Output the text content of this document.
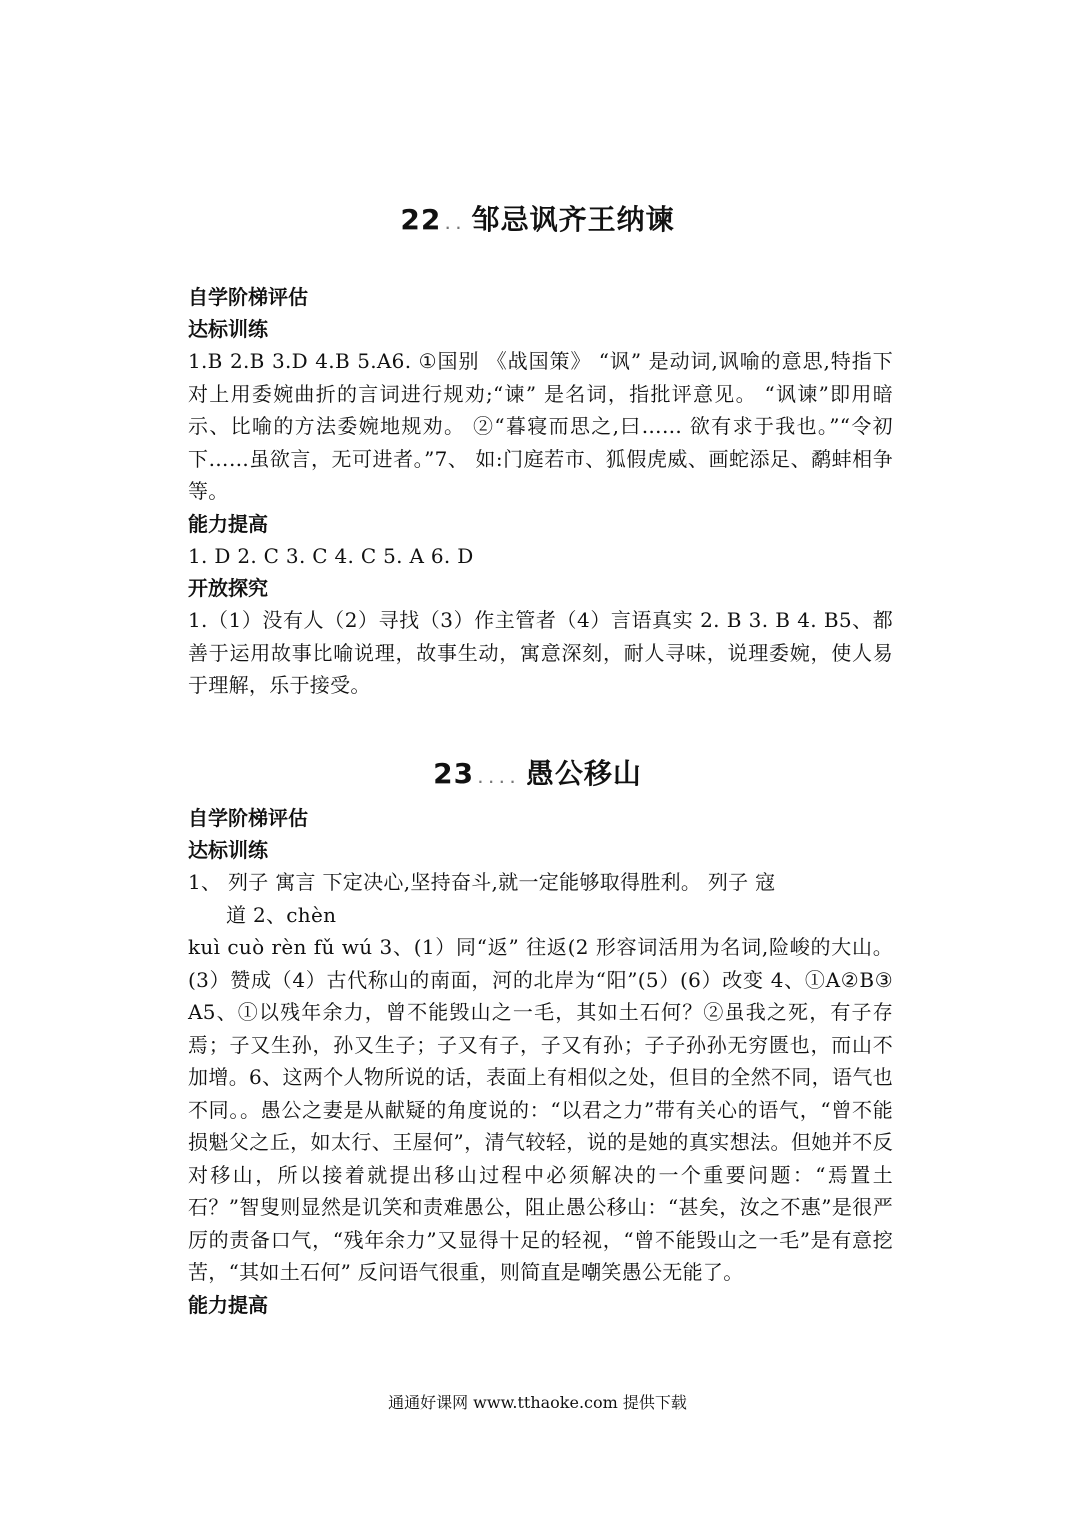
22 . . 邹忌讽齐王纳谏
自学阶梯评估
达标训练

1.B 2.B 3.D 4.B 5.A6. ①国别 《战国策》 “讽” 是动词,讽喻的意思,特指下对上用委婉曲折的言词进行规劝;“谏” 是名词，指批评意见。 “讽谏”即用暗示、比喻的方法委婉地规劝。 ②“暮寝而思之,曰…… 欲有求于我也。”“令初下……虽欲言，无可进者。”7、 如:门庭若市、狐假虎威、画蛇添足、鹬蚌相争等。

能力提高

1. D 2. C 3. C 4. C 5. A 6. D

开放探究

1.（1）没有人（2）寻找（3）作主管者（4）言语真实 2. B 3. B 4. B5、都善于运用故事比喻说理，故事生动，寓意深刻，耐人寻味，说理委婉，使人易于理解，乐于接受。

23 . . . . 愚公移山
自学阶梯评估
达标训练

1、 列子 寓言 下定决心,坚持奋斗,就一定能够取得胜利。 列子 寇

道 2、chèn

kuì cuò rèn fǔ wú 3、(1）同“返” 往返(2 形容词活用为名词,险峻的大山。(3）赞成（4）古代称山的南面，河的北岸为“阳”(5）(6）改变 4、①A②B③A5、①以残年余力，曾不能毁山之一毛，其如土石何？②虽我之死，有子存焉；子又生孙，孙又生子；子又有子，子又有孙；子子孙孙无穷匮也，而山不加增。6、这两个人物所说的话，表面上有相似之处，但目的全然不同，语气也不同。。愚公之妻是从献疑的角度说的：“以君之力”带有关心的语气，“曾不能损魁父之丘，如太行、王屋何”，清气较轻，说的是她的真实想法。但她并不反对移山，所以接着就提出移山过程中必须解决的一个重要问题：“焉置土石？”智叟则显然是讥笑和责难愚公，阻止愚公移山：“甚矣，汝之不惠”是很严厉的责备口气，“残年余力”又显得十足的轻视，“曾不能毁山之一毛”是有意挖苦，“其如土石何” 反问语气很重，则简直是嘲笑愚公无能了。

能力提高
通通好课网 www.tthaoke.com 提供下载
